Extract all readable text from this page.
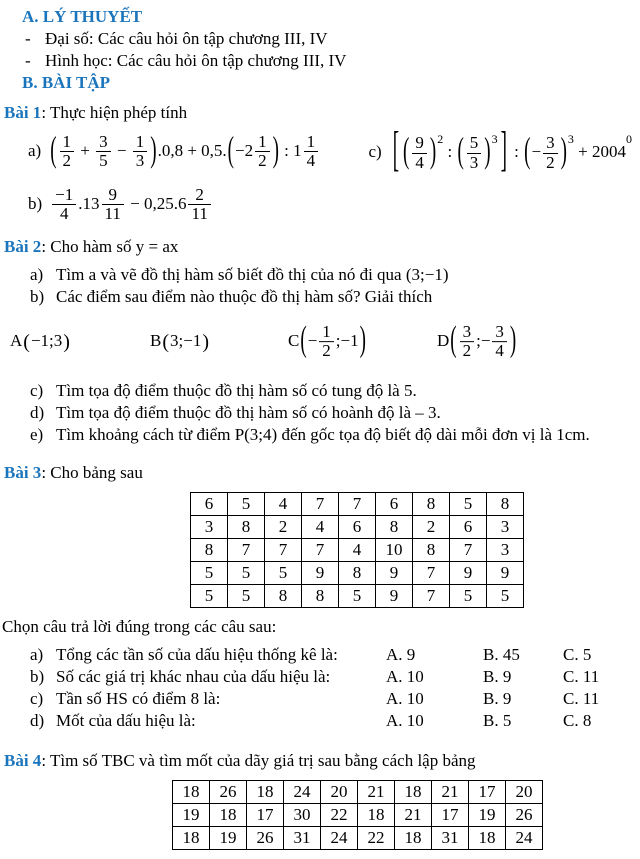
A. LÝ THUYẾT
- Đại số: Các câu hỏi ôn tập chương III, IV
- Hình học: Các câu hỏi ôn tập chương III, IV
B. BÀI TẬP
Bài 1: Thực hiện phép tính
a) ( $\frac{1}{2} + \frac{3}{5} - \frac{1}{3} ).0,8 + 0,5.(-2 \frac{1}{2}$ ) : $1 \frac{1}{4}$	c) [ ( $\frac{9}{4} )^2$ : ( $\frac{5}{3} )^3$ ] : (− $\frac{3}{2} )^3 + 2004^0$
$b) \frac{-1}{4} .13 \frac{9}{11} - 0,25.6 \frac{2}{11}$
Bài 2: Cho hàm số y = ax
a) Tìm a và vẽ đồ thị hàm số biết đồ thị của nó đi qua (3;−1)
b) Các điểm sau điểm nào thuộc đồ thị hàm số? Giải thích
A(−1;3)	B(3;−1)	$C(- \frac{1}{2}$ ;−1)	$D( \frac{3}{2}$ ;− $\frac{3}{4}$ )
c) Tìm tọa độ điểm thuộc đồ thị hàm số có tung độ là 5.
d) Tìm tọa độ điểm thuộc đồ thị hàm số có hoành độ là – 3.
e) Tìm khoảng cách từ điểm P(3;4) đến gốc tọa độ biết độ dài mỗi đơn vị là 1cm.
Bài 3: Cho bảng sau
6	5	4	7	7	6	8	5	8
3	8	2	4	6	8	2	6	3
8	7	7	7	4	10	8	7	3
5	5	5	9	8	9	7	9	9
5	5	8	8	5	9	7	5	5
Chọn câu trả lời đúng trong các câu sau:
a) Tổng các tần số của dấu hiệu thống kê là:	A. 9	B. 45	C. 5
b) Số các giá trị khác nhau của dấu hiệu là:	A. 10	B. 9	C. 11
c) Tần số HS có điểm 8 là:	A. 10	B. 9	C. 11
d) Mốt của dấu hiệu là:	A. 10	B. 5	C. 8
Bài 4: Tìm số TBC và tìm mốt của dãy giá trị sau bằng cách lập bảng
18	26	18	24	20	21	18	21	17	20
19	18	17	30	22	18	21	17	19	26
18	19	26	31	24	22	18	31	18	24
